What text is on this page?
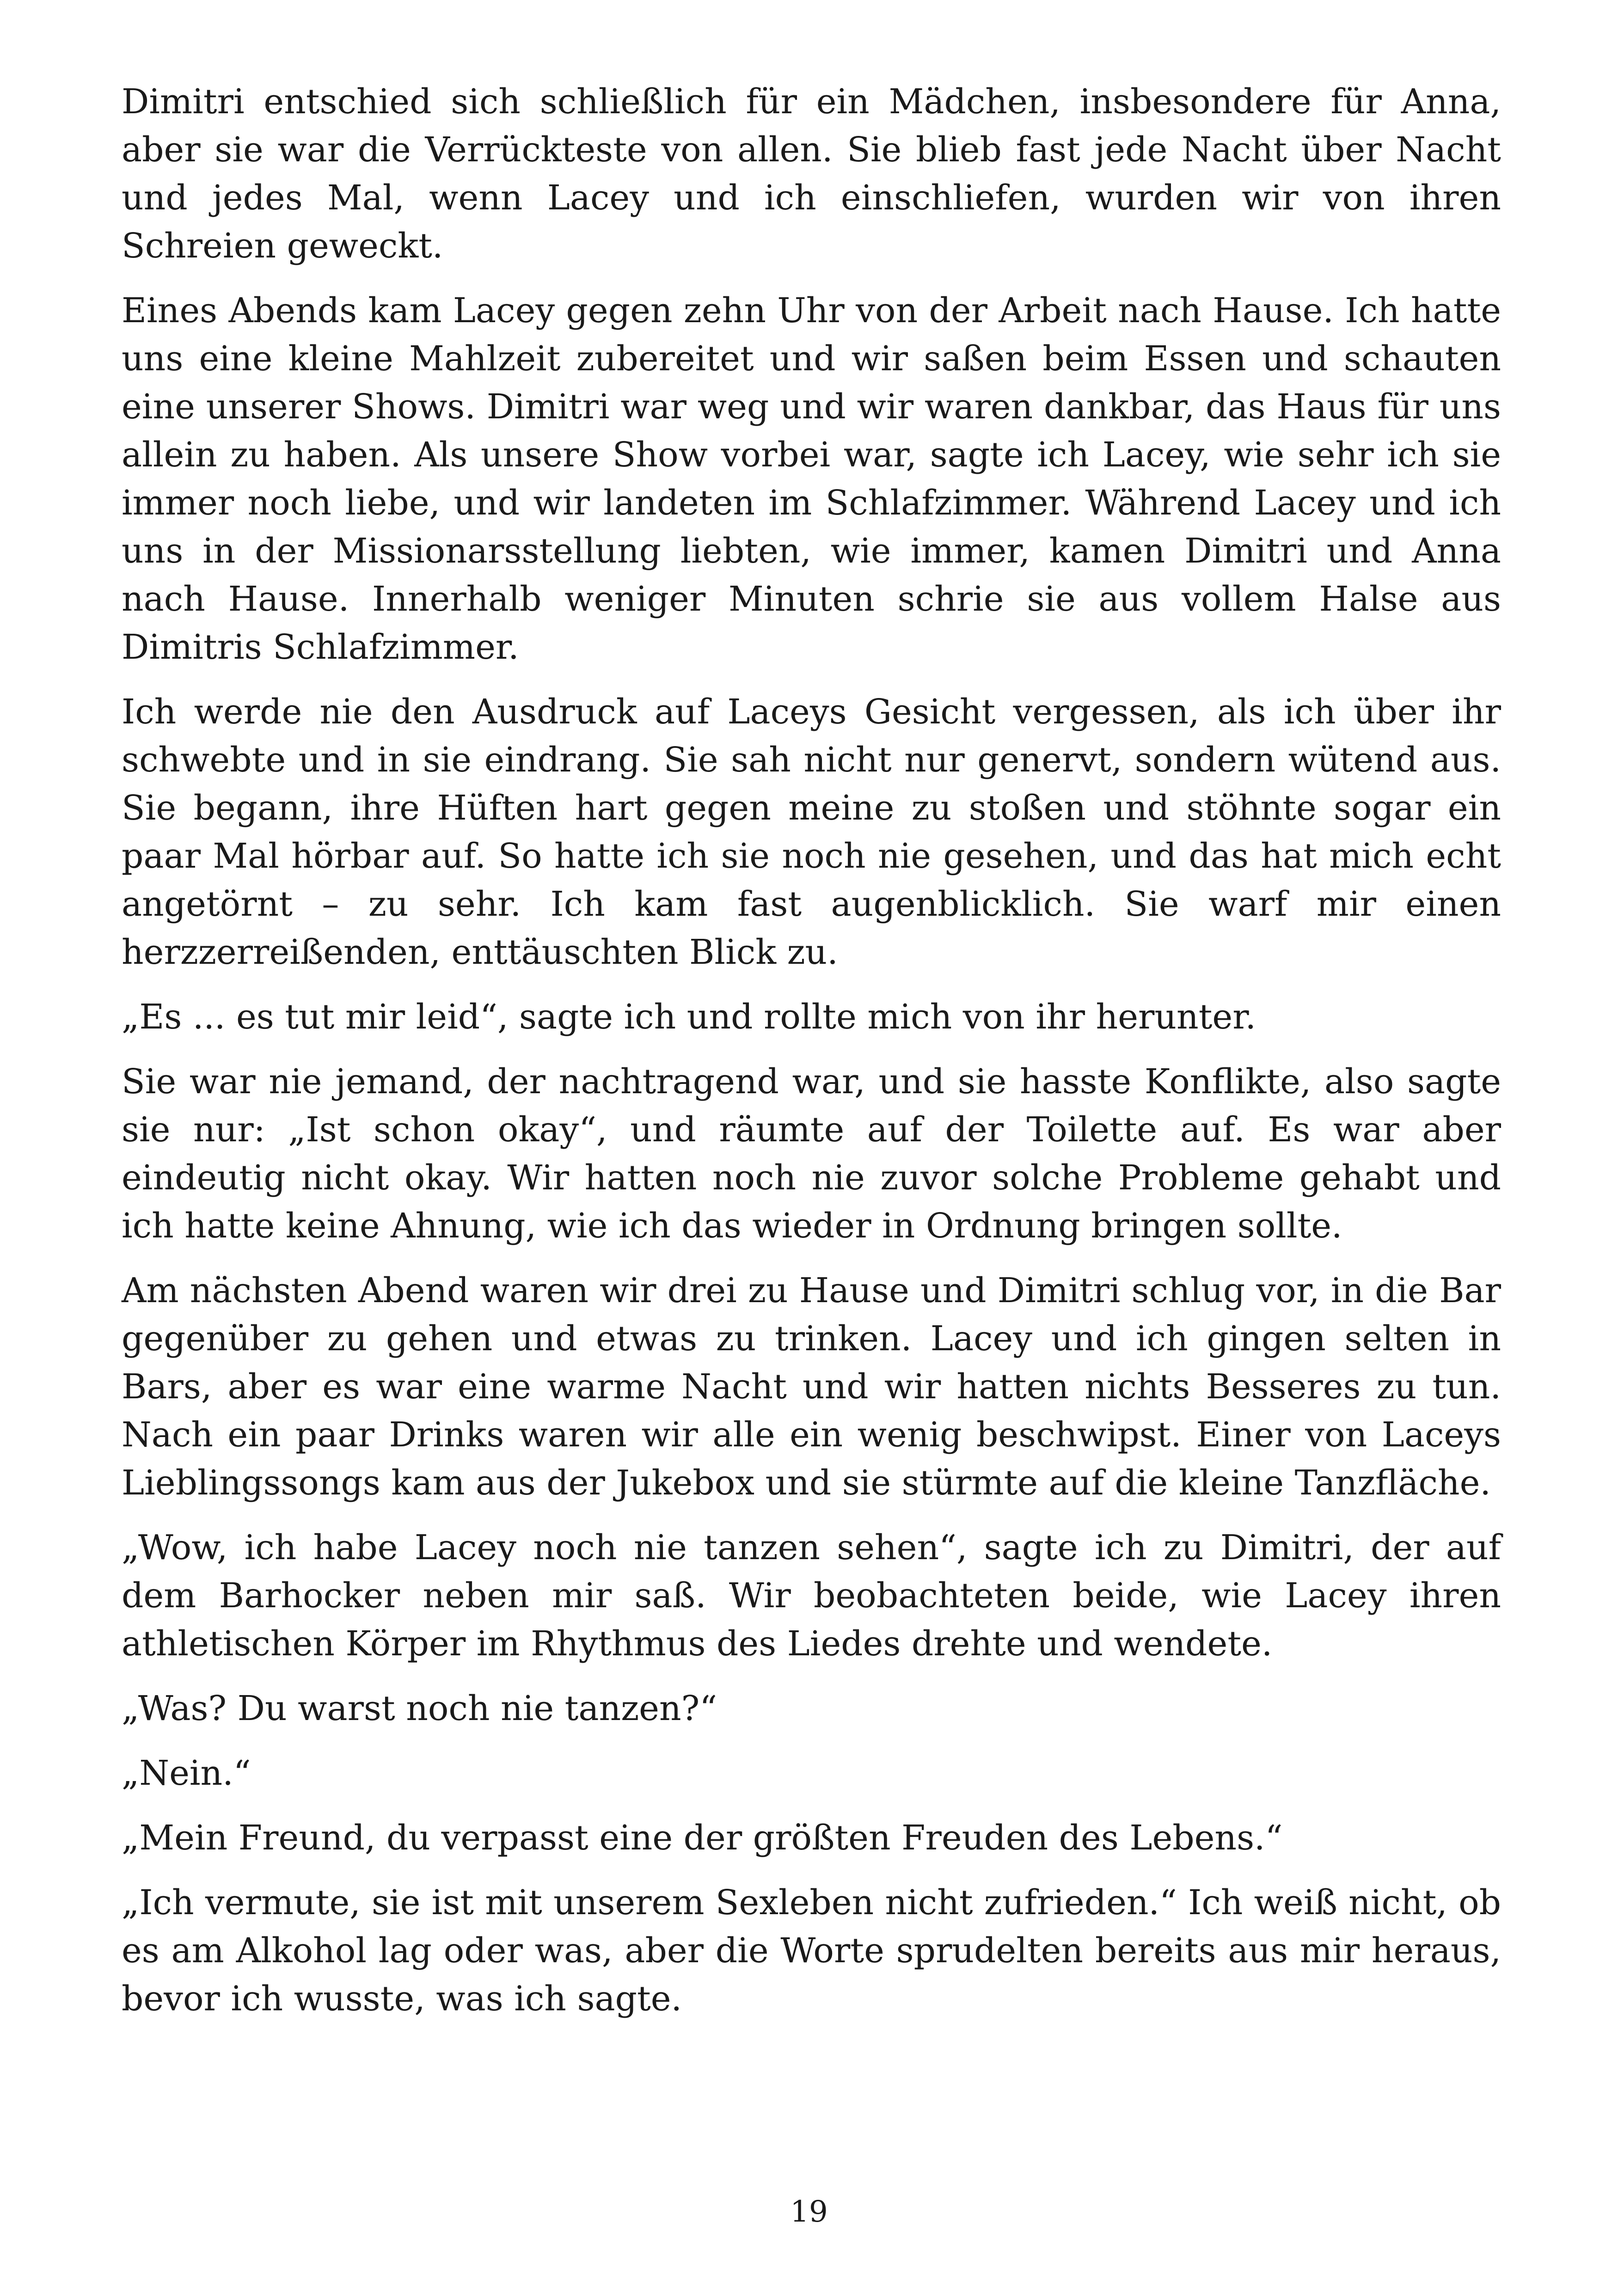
Dimitri entschied sich schließlich für ein Mädchen, insbesondere für Anna, aber sie war die Verrückteste von allen. Sie blieb fast jede Nacht über Nacht und jedes Mal, wenn Lacey und ich einschliefen, wurden wir von ihren Schreien geweckt.

Eines Abends kam Lacey gegen zehn Uhr von der Arbeit nach Hause. Ich hatte uns eine kleine Mahlzeit zubereitet und wir saßen beim Essen und schauten eine unserer Shows. Dimitri war weg und wir waren dankbar, das Haus für uns allein zu haben. Als unsere Show vorbei war, sagte ich Lacey, wie sehr ich sie immer noch liebe, und wir landeten im Schlafzimmer. Während Lacey und ich uns in der Missionarsstellung liebten, wie immer, kamen Dimitri und Anna nach Hause. Innerhalb weniger Minuten schrie sie aus vollem Halse aus Dimitris Schlafzimmer.

Ich werde nie den Ausdruck auf Laceys Gesicht vergessen, als ich über ihr schwebte und in sie eindrang. Sie sah nicht nur genervt, sondern wütend aus. Sie begann, ihre Hüften hart gegen meine zu stoßen und stöhnte sogar ein paar Mal hörbar auf. So hatte ich sie noch nie gesehen, und das hat mich echt angetörnt – zu sehr. Ich kam fast augenblicklich. Sie warf mir einen herzzerreißenden, enttäuschten Blick zu.

„Es ... es tut mir leid“, sagte ich und rollte mich von ihr herunter.

Sie war nie jemand, der nachtragend war, und sie hasste Konflikte, also sagte sie nur: „Ist schon okay“, und räumte auf der Toilette auf. Es war aber eindeutig nicht okay. Wir hatten noch nie zuvor solche Probleme gehabt und ich hatte keine Ahnung, wie ich das wieder in Ordnung bringen sollte.

Am nächsten Abend waren wir drei zu Hause und Dimitri schlug vor, in die Bar gegenüber zu gehen und etwas zu trinken. Lacey und ich gingen selten in Bars, aber es war eine warme Nacht und wir hatten nichts Besseres zu tun. Nach ein paar Drinks waren wir alle ein wenig beschwipst. Einer von Laceys Lieblingssongs kam aus der Jukebox und sie stürmte auf die kleine Tanzfläche.

„Wow, ich habe Lacey noch nie tanzen sehen“, sagte ich zu Dimitri, der auf dem Barhocker neben mir saß. Wir beobachteten beide, wie Lacey ihren athletischen Körper im Rhythmus des Liedes drehte und wendete.

„Was? Du warst noch nie tanzen?“

„Nein.“

„Mein Freund, du verpasst eine der größten Freuden des Lebens.“

„Ich vermute, sie ist mit unserem Sexleben nicht zufrieden.“ Ich weiß nicht, ob es am Alkohol lag oder was, aber die Worte sprudelten bereits aus mir heraus, bevor ich wusste, was ich sagte.

19
